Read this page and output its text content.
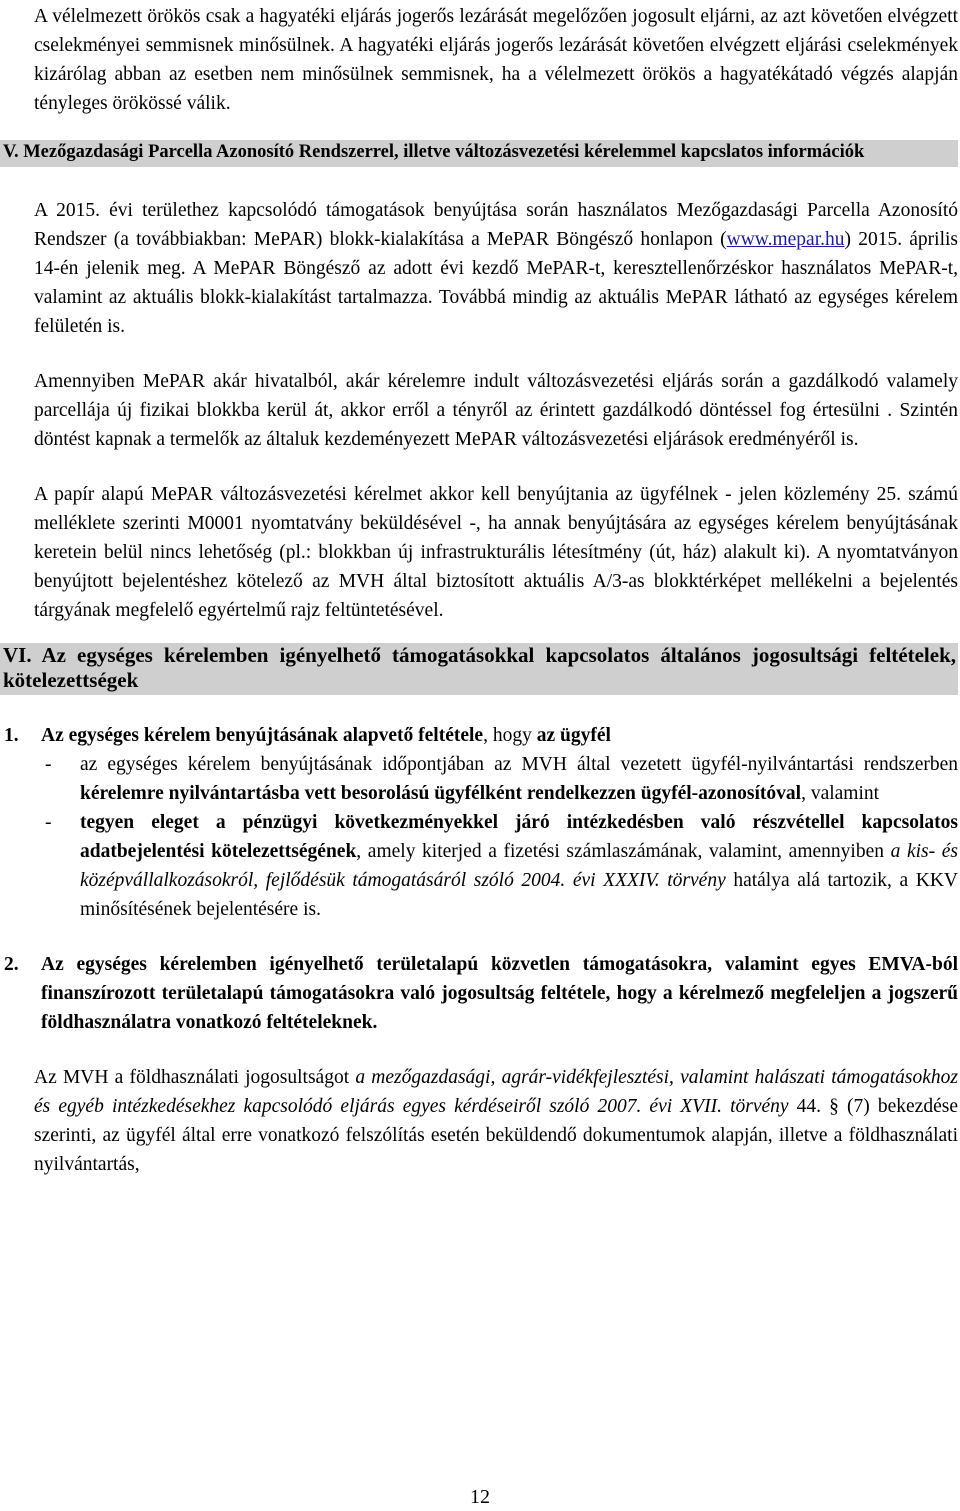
A vélelmezett örökös csak a hagyatéki eljárás jogerős lezárását megelőzően jogosult eljárni, az azt követően elvégzett cselekményei semmisnek minősülnek. A hagyatéki eljárás jogerős lezárását követően elvégzett eljárási cselekmények kizárólag abban az esetben nem minősülnek semmisnek, ha a vélelmezett örökös a hagyatékátadó végzés alapján tényleges örökössé válik.

V. Mezőgazdasági Parcella Azonosító Rendszerrel, illetve változásvezetési kérelemmel kapcslatos információk

A 2015. évi területhez kapcsolódó támogatások benyújtása során használatos Mezőgazdasági Parcella Azonosító Rendszer (a továbbiakban: MePAR) blokk-kialakítása a MePAR Böngésző honlapon (www.mepar.hu) 2015. április 14-én jelenik meg. A MePAR Böngésző az adott évi kezdő MePAR-t, keresztellenőrzéskor használatos MePAR-t, valamint az aktuális blokk-kialakítást tartalmazza. Továbbá mindig az aktuális MePAR látható az egységes kérelem felületén is.

Amennyiben MePAR akár hivatalból, akár kérelemre indult változásvezetési eljárás során a gazdálkodó valamely parcellája új fizikai blokkba kerül át, akkor erről a tényről az érintett gazdálkodó döntéssel fog értesülni . Szintén döntést kapnak a termelők az általuk kezdeményezett MePAR változásvezetési eljárások eredményéről is.

A papír alapú MePAR változásvezetési kérelmet akkor kell benyújtania az ügyfélnek - jelen közlemény 25. számú melléklete szerinti M0001 nyomtatvány beküldésével -, ha annak benyújtására az egységes kérelem benyújtásának keretein belül nincs lehetőség (pl.: blokkban új infrastrukturális létesítmény (út, ház) alakult ki). A nyomtatványon benyújtott bejelentéshez kötelező az MVH által biztosított aktuális A/3-as blokktérképet mellékelni a bejelentés tárgyának megfelelő egyértelmű rajz feltüntetésével.

VI. Az egységes kérelemben igényelhető támogatásokkal kapcsolatos általános jogosultsági feltételek, kötelezettségek
1. Az egységes kérelem benyújtásának alapvető feltétele, hogy az ügyfél
- az egységes kérelem benyújtásának időpontjában az MVH által vezetett ügyfél-nyilvántartási rendszerben kérelemre nyilvántartásba vett besorolású ügyfélként rendelkezzen ügyfél-azonosítóval, valamint
- tegyen eleget a pénzügyi következményekkel járó intézkedésben való részvétellel kapcsolatos adatbejelentési kötelezettségének, amely kiterjed a fizetési számlaszámának, valamint, amennyiben a kis- és középvállalkozásokról, fejlődésük támogatásáról szóló 2004. évi XXXIV. törvény hatálya alá tartozik, a KKV minősítésének bejelentésére is.
2. Az egységes kérelemben igényelhető területalapú közvetlen támogatásokra, valamint egyes EMVA-ból finanszírozott területalapú támogatásokra való jogosultság feltétele, hogy a kérelmező megfeleljen a jogszerű földhasználatra vonatkozó feltételeknek.

Az MVH a földhasználati jogosultságot a mezőgazdasági, agrár-vidékfejlesztési, valamint halászati támogatásokhoz és egyéb intézkedésekhez kapcsolódó eljárás egyes kérdéseiről szóló 2007. évi XVII. törvény 44. § (7) bekezdése szerinti, az ügyfél által erre vonatkozó felszólítás esetén beküldendő dokumentumok alapján, illetve a földhasználati nyilvántartás,

12
